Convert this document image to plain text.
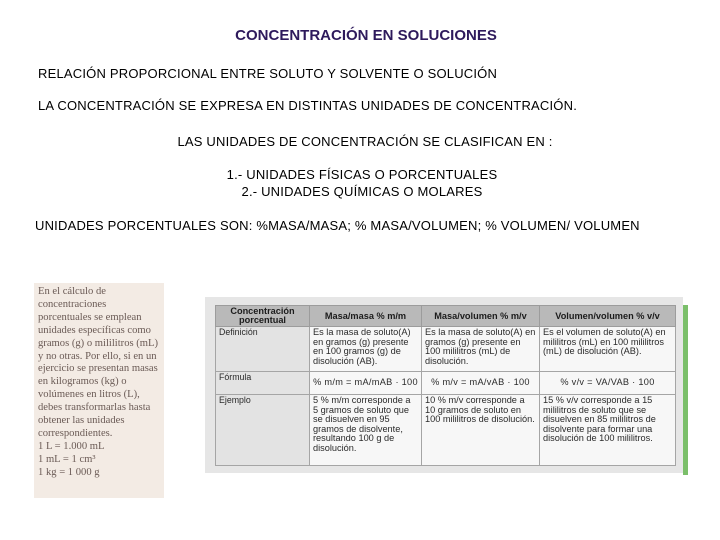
CONCENTRACIÓN EN SOLUCIONES
RELACIÓN PROPORCIONAL ENTRE SOLUTO Y SOLVENTE O SOLUCIÓN
LA CONCENTRACIÓN SE EXPRESA EN DISTINTAS UNIDADES DE CONCENTRACIÓN.
LAS UNIDADES DE CONCENTRACIÓN SE CLASIFICAN EN :
1.- UNIDADES FÍSICAS O PORCENTUALES
2.- UNIDADES QUÍMICAS O MOLARES
UNIDADES PORCENTUALES SON: %MASA/MASA; % MASA/VOLUMEN; % VOLUMEN/ VOLUMEN
En el cálculo de concentraciones porcentuales se emplean unidades específicas como gramos (g) o mililitros (mL) y no otras. Por ello, si en un ejercicio se presentan masas en kilogramos (kg) o volúmenes en litros (L), debes transformarlas hasta obtener las unidades correspondientes.
1 L = 1.000 mL
1 mL = 1 cm³
1 kg = 1 000 g
Concentración porcentual	Masa/masa % m/m	Masa/volumen % m/v	Volumen/volumen % v/v
Definición	Es la masa de soluto(A) en gramos (g) presente en 100 gramos (g) de disolución (AB).	Es la masa de soluto(A) en gramos (g) presente en 100 mililitros (mL) de disolución.	Es el volumen de soluto(A) en mililitros (mL) en 100 mililitros (mL) de disolución (AB).
Fórmula	% m/m = mA/mAB · 100	% m/v = mA/vAB · 100	% v/v = VA/VAB · 100
Ejemplo	5 % m/m corresponde a 5 gramos de soluto que se disuelven en 95 gramos de disolvente, resultando 100 g de disolución.	10 % m/v corresponde a 10 gramos de soluto en 100 mililitros de disolución.	15 % v/v corresponde a 15 mililitros de soluto que se disuelven en 85 mililitros de disolvente para formar una disolución de 100 mililitros.
